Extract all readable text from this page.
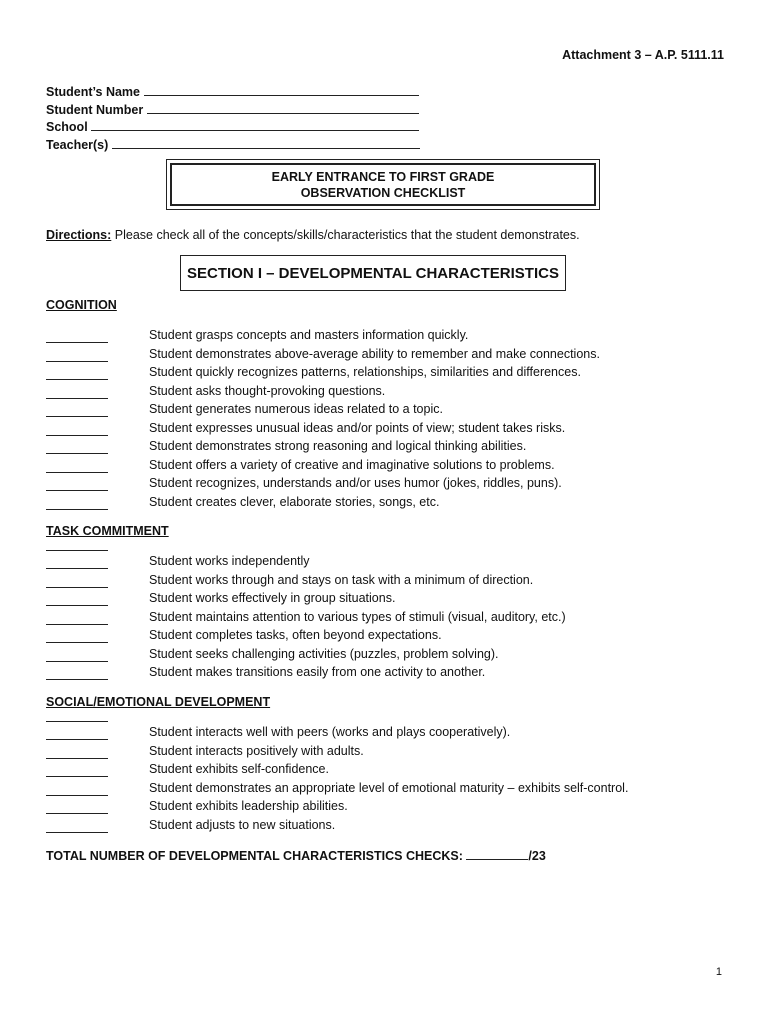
Attachment 3 – A.P. 5111.11
Student’s Name
Student Number
School
Teacher(s)
EARLY ENTRANCE TO FIRST GRADE
OBSERVATION CHECKLIST
Directions: Please check all of the concepts/skills/characteristics that the student demonstrates.
SECTION I – DEVELOPMENTAL CHARACTERISTICS
COGNITION
Student grasps concepts and masters information quickly.
Student demonstrates above-average ability to remember and make connections.
Student quickly recognizes patterns, relationships, similarities and differences.
Student asks thought-provoking questions.
Student generates numerous ideas related to a topic.
Student expresses unusual ideas and/or points of view; student takes risks.
Student demonstrates strong reasoning and logical thinking abilities.
Student offers a variety of creative and imaginative solutions to problems.
Student recognizes, understands and/or uses humor (jokes, riddles, puns).
Student creates clever, elaborate stories, songs, etc.
TASK COMMITMENT
Student works independently
Student works through and stays on task with a minimum of direction.
Student works effectively in group situations.
Student maintains attention to various types of stimuli (visual, auditory, etc.)
Student completes tasks, often beyond expectations.
Student seeks challenging activities (puzzles, problem solving).
Student makes transitions easily from one activity to another.
SOCIAL/EMOTIONAL DEVELOPMENT
Student interacts well with peers (works and plays cooperatively).
Student interacts positively with adults.
Student exhibits self-confidence.
Student demonstrates an appropriate level of emotional maturity – exhibits self-control.
Student exhibits leadership abilities.
Student adjusts to new situations.
TOTAL NUMBER OF DEVELOPMENTAL CHARACTERISTICS CHECKS:	/23
1
